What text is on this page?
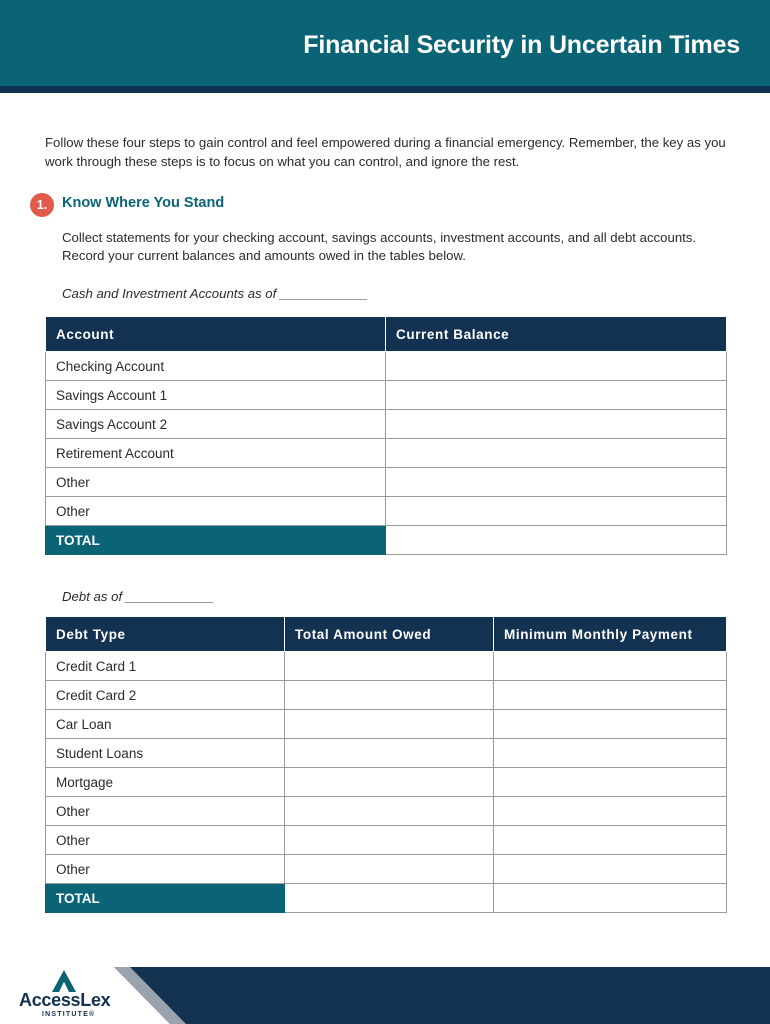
Financial Security in Uncertain Times

Follow these four steps to gain control and feel empowered during a financial emergency. Remember, the key as you work through these steps is to focus on what you can control, and ignore the rest.

1.	Know Where You Stand

Collect statements for your checking account, savings accounts, investment accounts, and all debt accounts. Record your current balances and amounts owed in the tables below.

Cash and Investment Accounts as of ____________
Account	Current Balance
Checking Account	
Savings Account 1	
Savings Account 2	
Retirement Account	
Other	
Other	
TOTAL	
Debt as of ____________
Debt Type	Total Amount Owed	Minimum Monthly Payment
Credit Card 1		
Credit Card 2		
Car Loan		
Student Loans		
Mortgage		
Other		
Other		
Other		
TOTAL		
AccessLex
INSTITUTE®
